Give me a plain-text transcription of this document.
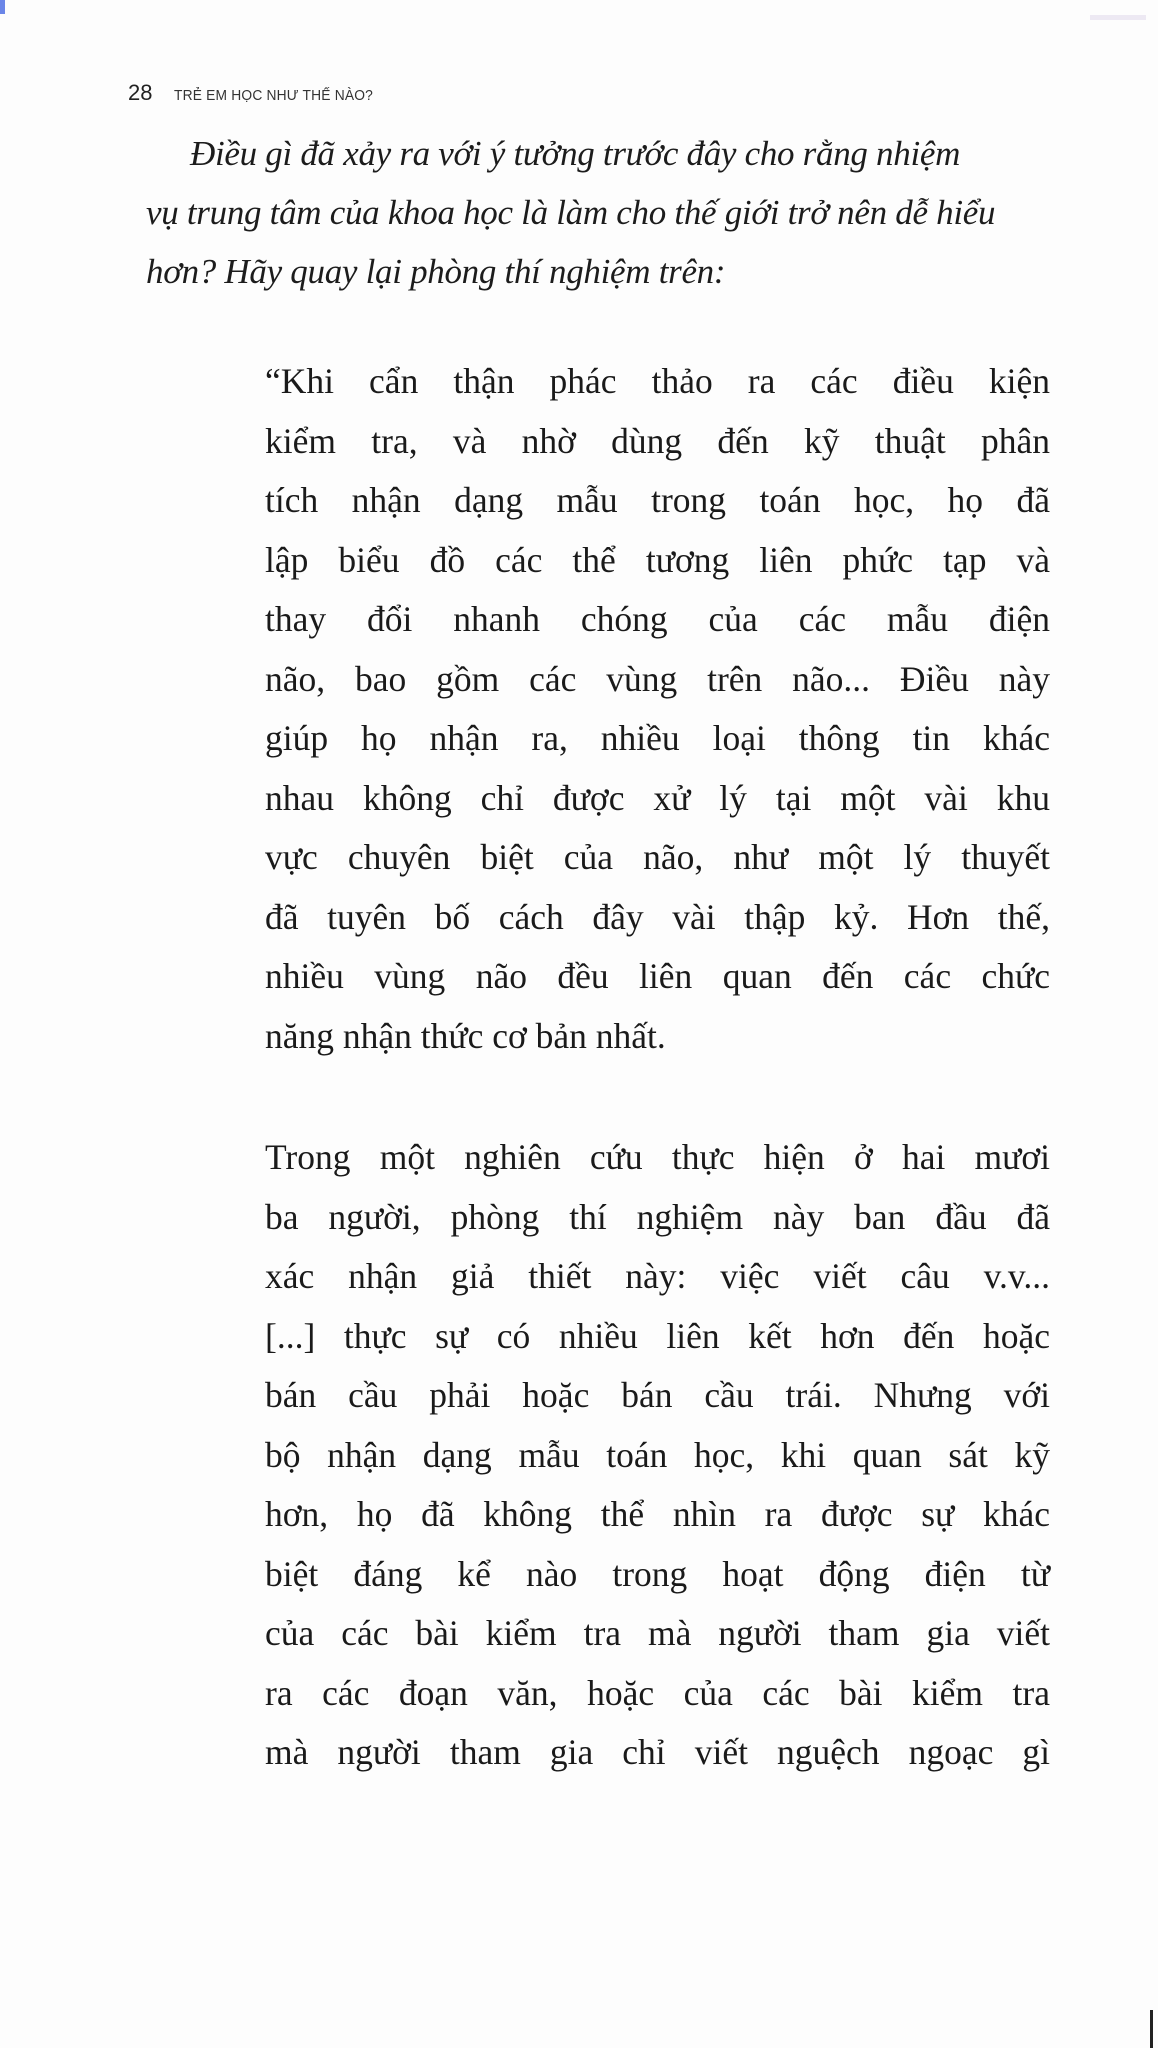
28 TRẺ EM HỌC NHƯ THẾ NÀO?
Điều gì đã xảy ra với ý tưởng trước đây cho rằng nhiệm
vụ trung tâm của khoa học là làm cho thế giới trở nên dễ hiểu
hơn? Hãy quay lại phòng thí nghiệm trên:
“Khi cẩn thận phác thảo ra các điều kiện
kiểm tra, và nhờ dùng đến kỹ thuật phân
tích nhận dạng mẫu trong toán học, họ đã
lập biểu đồ các thể tương liên phức tạp và
thay đổi nhanh chóng của các mẫu điện
não, bao gồm các vùng trên não... Điều này
giúp họ nhận ra, nhiều loại thông tin khác
nhau không chỉ được xử lý tại một vài khu
vực chuyên biệt của não, như một lý thuyết
đã tuyên bố cách đây vài thập kỷ. Hơn thế,
nhiều vùng não đều liên quan đến các chức
năng nhận thức cơ bản nhất.
Trong một nghiên cứu thực hiện ở hai mươi
ba người, phòng thí nghiệm này ban đầu đã
xác nhận giả thiết này: việc viết câu v.v...
[...] thực sự có nhiều liên kết hơn đến hoặc
bán cầu phải hoặc bán cầu trái. Nhưng với
bộ nhận dạng mẫu toán học, khi quan sát kỹ
hơn, họ đã không thể nhìn ra được sự khác
biệt đáng kể nào trong hoạt động điện từ
của các bài kiểm tra mà người tham gia viết
ra các đoạn văn, hoặc của các bài kiểm tra
mà người tham gia chỉ viết nguệch ngoạc gì
